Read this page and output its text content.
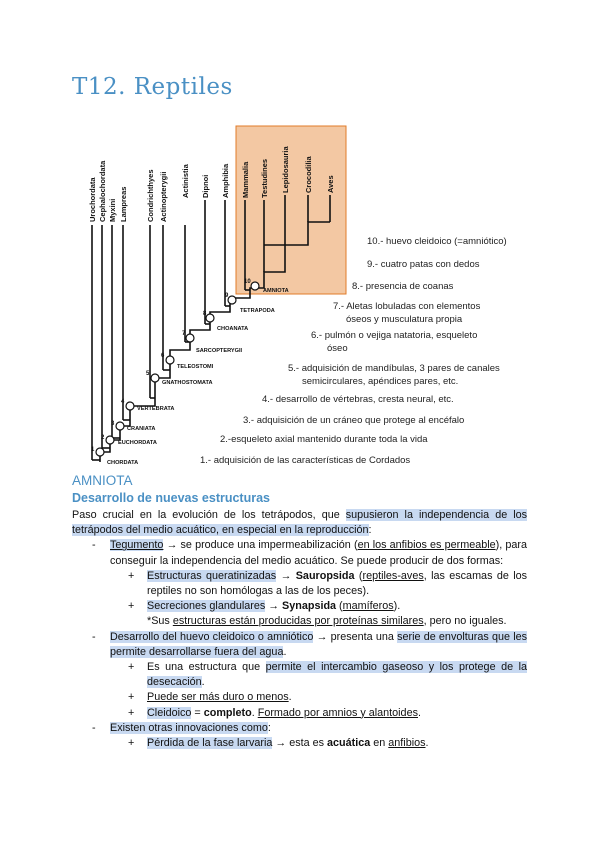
T12. Reptiles
1
2
3
4
5
6
7
8
9
10
CHORDATA
EUCHORDATA
CRANIATA
VERTEBRATA
GNATHOSTOMATA
TELEOSTOMI
SARCOPTERYGII
CHOANATA
TETRAPODA
AMNIOTA
Urochordata Cephalochordata Myxini Lampreas Condrichthyes Actinopterygii Actinistia Dipnoi Amphibia Mammalia Testudines Lepidosauria Crocodilia Aves
10.- huevo cleidoico (=amniótico)
9.- cuatro patas con dedos
8.- presencia de coanas
7.- Aletas lobuladas con elementos
óseos y musculatura propia
6.- pulmón o vejiga natatoria, esqueleto
óseo
5.- adquisición de mandíbulas, 3 pares de canales
semicirculares, apéndices pares, etc.
4.- desarrollo de vértebras, cresta neural, etc.
3.- adquisición de un cráneo que protege al encéfalo
2.-esqueleto axial mantenido durante toda la vida
1.- adquisición de las características de Cordados
AMNIOTA
Desarrollo de nuevas estructuras

Paso crucial en la evolución de los tetrápodos, que supusieron la independencia de los tetrápodos del medio acuático, en especial en la reproducción:

- Tegumento → se produce una impermeabilización (en los anfibios es permeable), para conseguir la independencia del medio acuático. Se puede producir de dos formas:
+ Estructuras queratinizadas → Sauropsida (reptiles-aves, las escamas de los reptiles no son homólogas a las de los peces).
+ Secreciones glandulares → Synapsida (mamíferos).
*Sus estructuras están producidas por proteínas similares, pero no iguales.
- Desarrollo del huevo cleidoico o amniótico → presenta una serie de envolturas que les permite desarrollarse fuera del agua.
+ Es una estructura que permite el intercambio gaseoso y los protege de la desecación.
+ Puede ser más duro o menos.
+ Cleidoico = completo. Formado por amnios y alantoides.
- Existen otras innovaciones como:
+ Pérdida de la fase larvaria → esta es acuática en anfibios.
